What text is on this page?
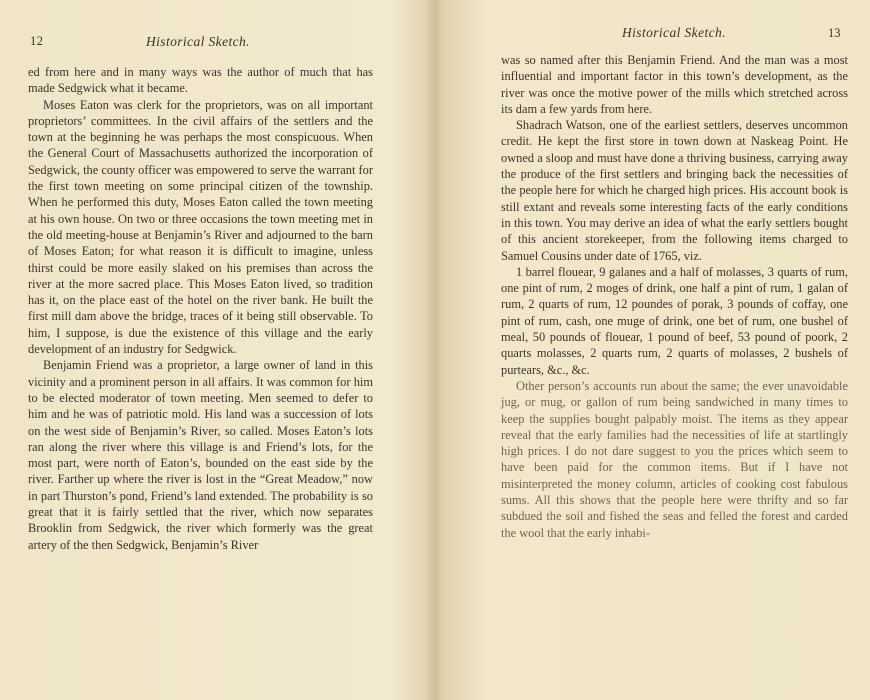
12	Historical Sketch.

ed from here and in many ways was the author of much that has made Sedgwick what it became.

Moses Eaton was clerk for the proprietors, was on all important proprietors’ committees. In the civil affairs of the settlers and the town at the beginning he was perhaps the most conspicuous. When the General Court of Massachusetts authorized the incorporation of Sedgwick, the county officer was empowered to serve the warrant for the first town meeting on some principal citizen of the township. When he performed this duty, Moses Eaton called the town meeting at his own house. On two or three occasions the town meeting met in the old meeting-house at Benjamin’s River and adjourned to the barn of Moses Eaton; for what reason it is difficult to imagine, unless thirst could be more easily slaked on his premises than across the river at the more sacred place. This Moses Eaton lived, so tradition has it, on the place east of the hotel on the river bank. He built the first mill dam above the bridge, traces of it being still observable. To him, I suppose, is due the existence of this village and the early development of an industry for Sedgwick.

Benjamin Friend was a proprietor, a large owner of land in this vicinity and a prominent person in all affairs. It was common for him to be elected moderator of town meeting. Men seemed to defer to him and he was of patriotic mold. His land was a succession of lots on the west side of Benjamin’s River, so called. Moses Eaton’s lots ran along the river where this village is and Friend’s lots, for the most part, were north of Eaton’s, bounded on the east side by the river. Farther up where the river is lost in the “Great Meadow,” now in part Thurston’s pond, Friend’s land extended. The probability is so great that it is fairly settled that the river, which now separates Brooklin from Sedgwick, the river which formerly was the great artery of the then Sedgwick, Benjamin’s River

Historical Sketch.	13

was so named after this Benjamin Friend. And the man was a most influential and important factor in this town’s development, as the river was once the motive power of the mills which stretched across its dam a few yards from here.

Shadrach Watson, one of the earliest settlers, deserves uncommon credit. He kept the first store in town down at Naskeag Point. He owned a sloop and must have done a thriving business, carrying away the produce of the first settlers and bringing back the necessities of the people here for which he charged high prices. His account book is still extant and reveals some interesting facts of the early conditions in this town. You may derive an idea of what the early settlers bought of this ancient storekeeper, from the following items charged to Samuel Cousins under date of 1765, viz.

1 barrel flouear, 9 galanes and a half of molasses, 3 quarts of rum, one pint of rum, 2 moges of drink, one half a pint of rum, 1 galan of rum, 2 quarts of rum, 12 poundes of porak, 3 pounds of coffay, one pint of rum, cash, one muge of drink, one bet of rum, one bushel of meal, 50 pounds of flouear, 1 pound of beef, 53 pound of poork, 2 quarts molasses, 2 quarts rum, 2 quarts of molasses, 2 bushels of purtears, &c., &c.

Other person’s accounts run about the same; the ever unavoidable jug, or mug, or gallon of rum being sandwiched in many times to keep the supplies bought palpably moist. The items as they appear reveal that the early families had the necessities of life at startlingly high prices. I do not dare suggest to you the prices which seem to have been paid for the common items. But if I have not misinterpreted the money column, articles of cooking cost fabulous sums. All this shows that the people here were thrifty and so far subdued the soil and fished the seas and felled the forest and carded the wool that the early inhabi-
